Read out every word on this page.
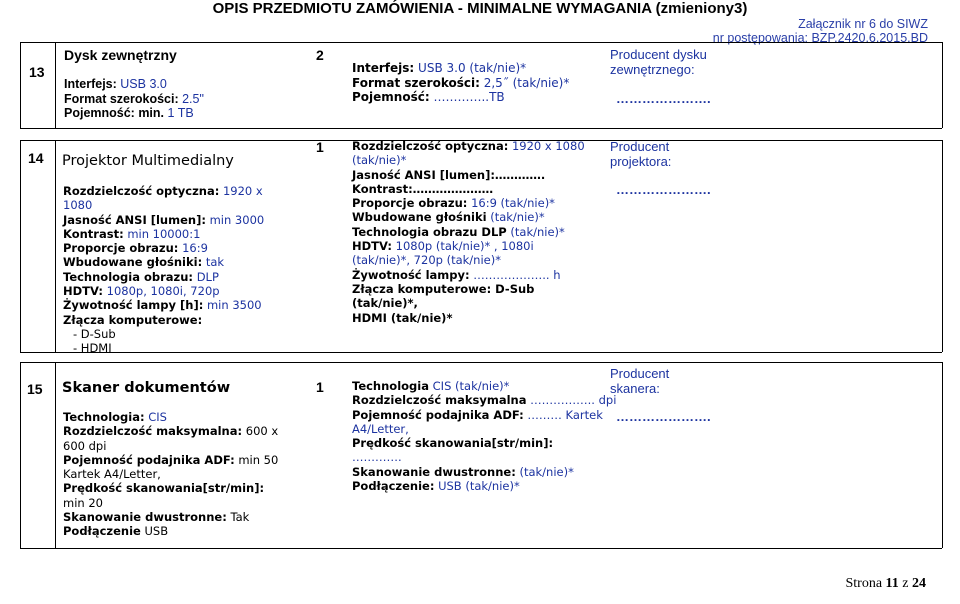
OPIS PRZEDMIOTU ZAMÓWIENIA - MINIMALNE WYMAGANIA (zmieniony3)
Załącznik nr 6 do SIWZ
nr postępowania: BZP.2420.6.2015.BD
13
Dysk zewnętrzny
Interfejs: USB 3.0
Format szerokości: 2.5"
Pojemność: min. 1 TB
2
Interfejs: USB 3.0 (tak/nie)*
Format szerokości: 2,5˝ (tak/nie)*
Pojemność: …………..TB
Producent dysku
zewnętrznego:
………………….
14 Projektor Multimedialny
Rozdzielczość optyczna: 1920 x
1080
Jasność ANSI [lumen]: min 3000
Kontrast: min 10000:1
Proporcje obrazu: 16:9
Wbudowane głośniki: tak
Technologia obrazu: DLP
HDTV: 1080p, 1080i, 720p
Żywotność lampy [h]: min 3500
Złącza komputerowe:
- D-Sub
- HDMI
1 Rozdzielczość optyczna: 1920 x 1080
(tak/nie)*
Jasność ANSI [lumen]:………….
Kontrast:…………………
Proporcje obrazu: 16:9 (tak/nie)*
Wbudowane głośniki (tak/nie)*
Technologia obrazu DLP (tak/nie)*
HDTV: 1080p (tak/nie)* , 1080i
(tak/nie)*, 720p (tak/nie)*
Żywotność lampy: ……………….. h
Złącza komputerowe: D-Sub
(tak/nie)*,
HDMI (tak/nie)*
Producent
projektora:
………………….
15 Skaner dokumentów
Technologia: CIS
Rozdzielczość maksymalna: 600 x
600 dpi
Pojemność podajnika ADF: min 50
Kartek A4/Letter,
Prędkość skanowania[str/min]:
min 20
Skanowanie dwustronne: Tak
Podłączenie USB
1 Technologia CIS (tak/nie)*
Rozdzielczość maksymalna …………….. dpi
Pojemność podajnika ADF: ……… Kartek
A4/Letter,
Prędkość skanowania[str/min]:
………….
Skanowanie dwustronne: (tak/nie)*
Podłączenie: USB (tak/nie)*
Producent
skanera:
………………….
Strona 11 z 24
